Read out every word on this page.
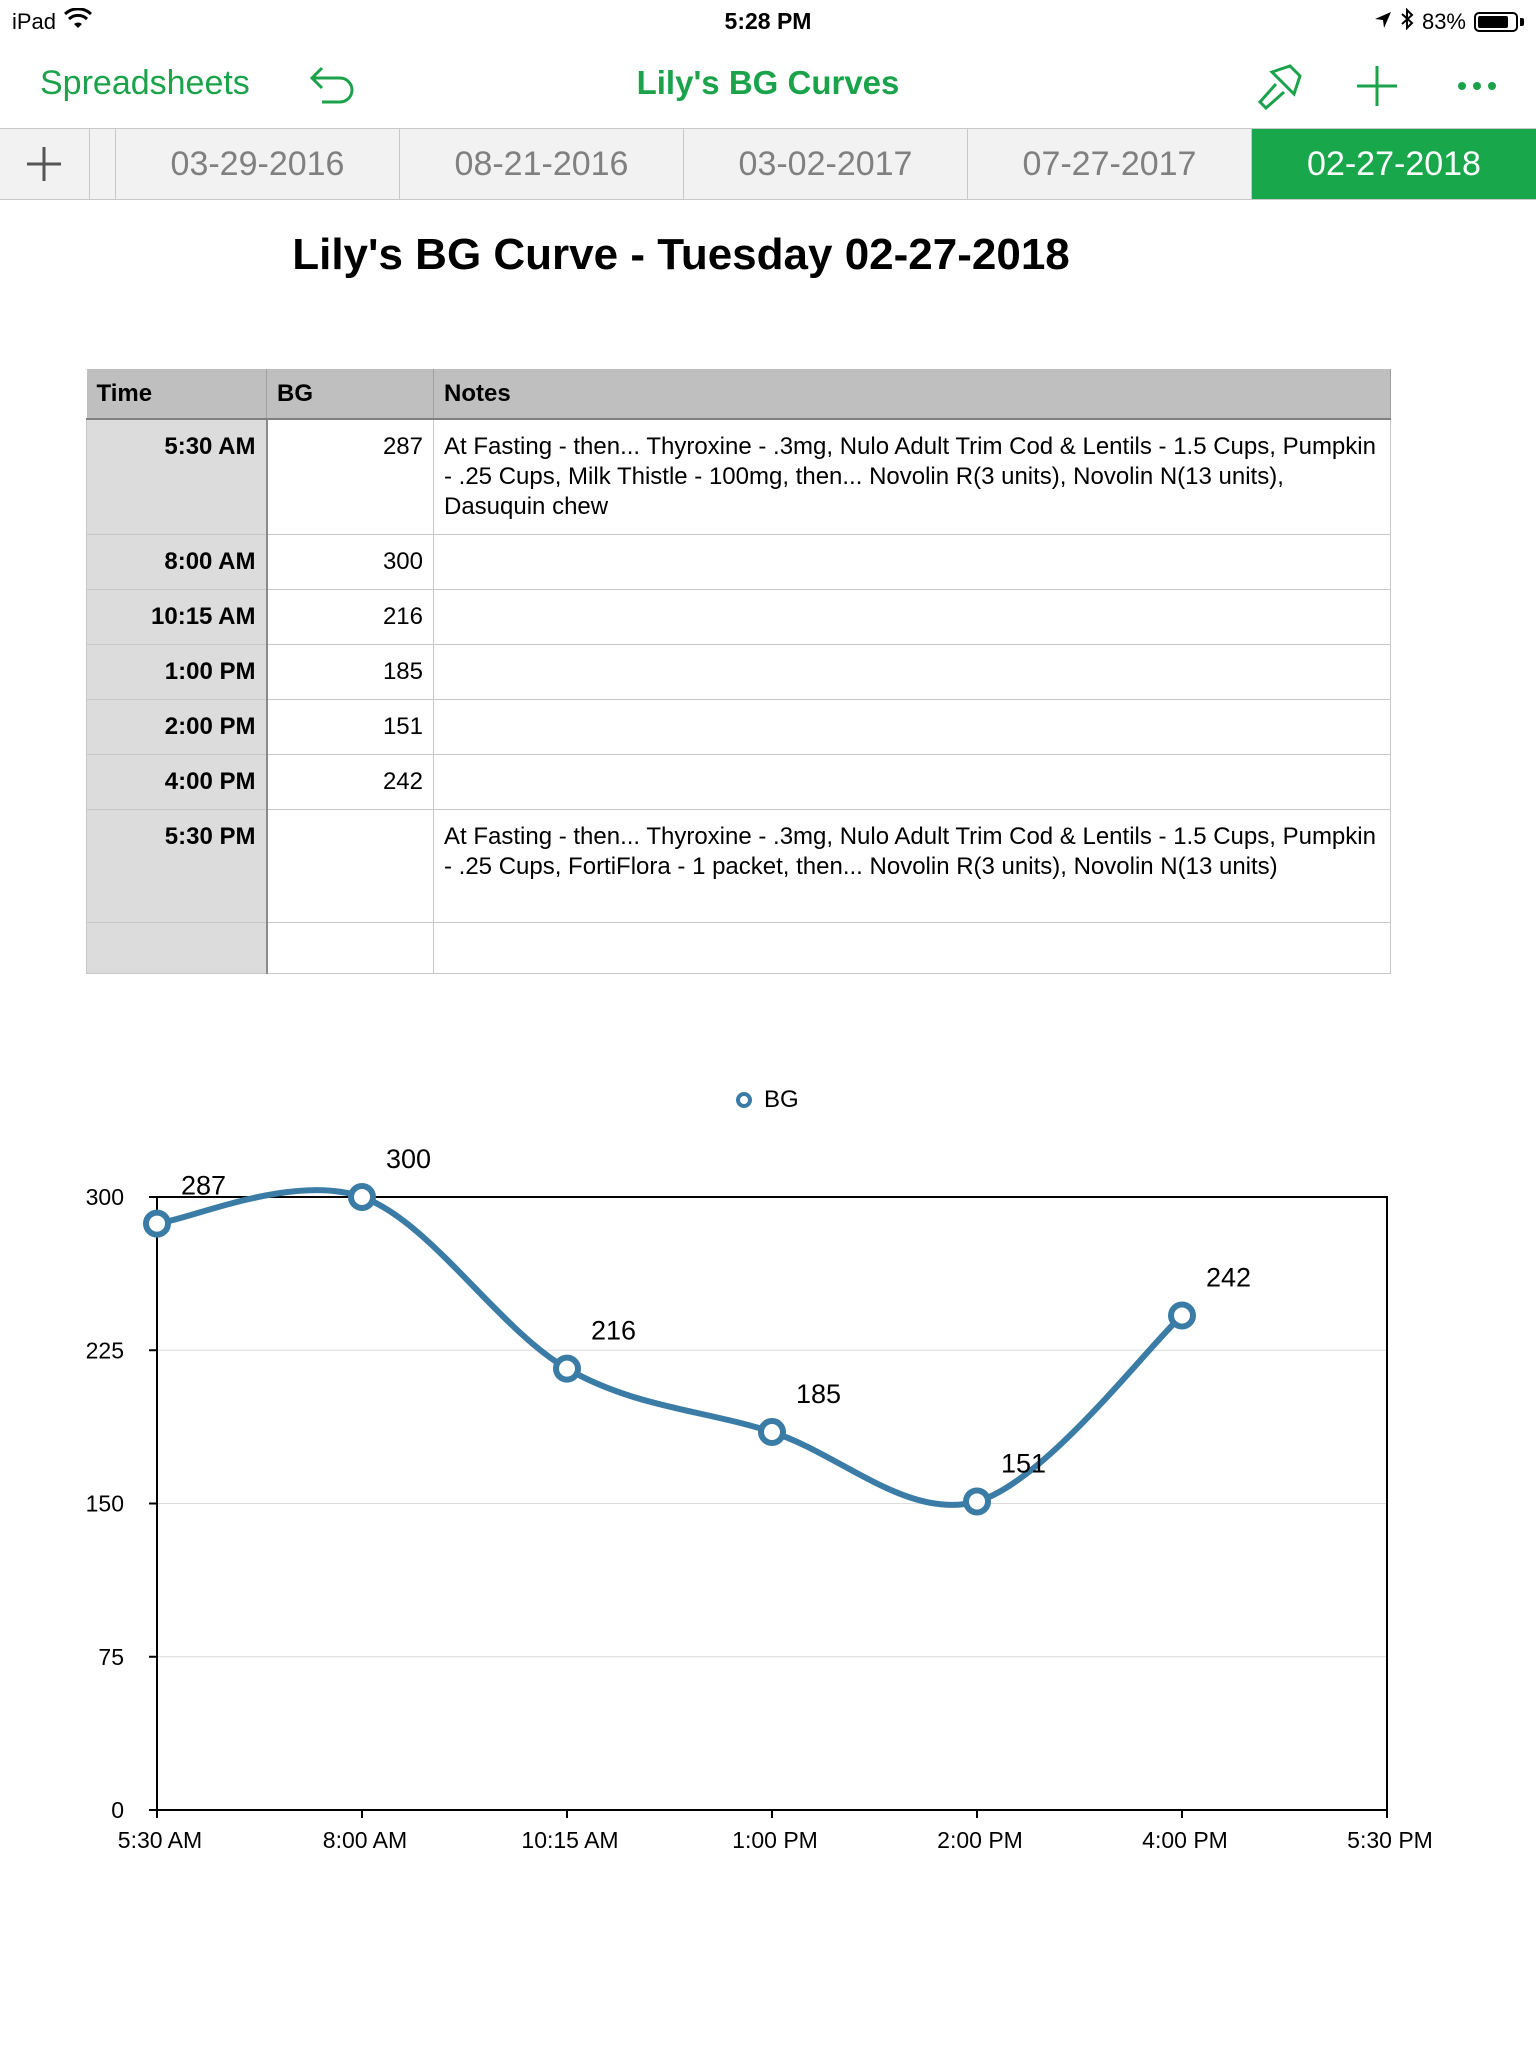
iPad	5:28 PM	83%
Spreadsheets	Lily's BG Curves
03-29-2016	08-21-2016	03-02-2017	07-27-2017	02-27-2018
Lily's BG Curve - Tuesday 02-27-2018
Time	BG	Notes
5:30 AM	287	At Fasting - then... Thyroxine - .3mg, Nulo Adult Trim Cod & Lentils - 1.5 Cups, Pumpkin - .25 Cups, Milk Thistle - 100mg, then... Novolin R(3 units), Novolin N(13 units), Dasuquin chew
8:00 AM	300	
10:15 AM	216	
1:00 PM	185	
2:00 PM	151	
4:00 PM	242	
5:30 PM		At Fasting - then... Thyroxine - .3mg, Nulo Adult Trim Cod & Lentils - 1.5 Cups, Pumpkin - .25 Cups, FortiFlora - 1 packet, then... Novolin R(3 units), Novolin N(13 units)

BG
0
75
150
225
300
5:30 AM	8:00 AM	10:15 AM	1:00 PM	2:00 PM	4:00 PM	5:30 PM
287
300
216
185
151
242
